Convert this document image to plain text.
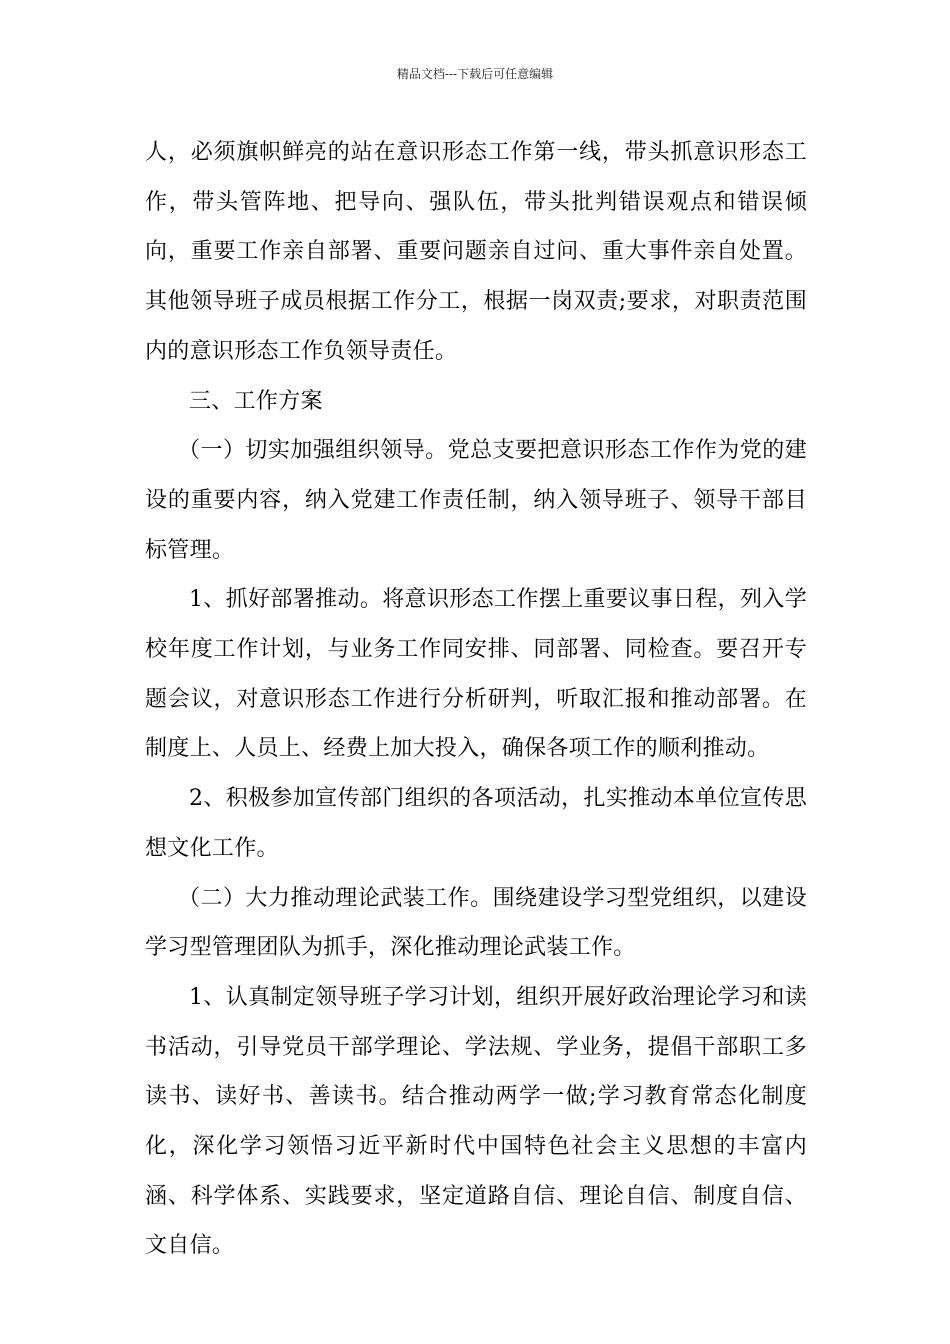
精品文档---下载后可任意编辑

人，必须旗帜鲜亮的站在意识形态工作第一线，带头抓意识形态工作，带头管阵地、把导向、强队伍，带头批判错误观点和错误倾向，重要工作亲自部署、重要问题亲自过问、重大事件亲自处置。其他领导班子成员根据工作分工，根据一岗双责;要求，对职责范围内的意识形态工作负领导责任。

三、工作方案

（一）切实加强组织领导。党总支要把意识形态工作作为党的建设的重要内容，纳入党建工作责任制，纳入领导班子、领导干部目标管理。

1、抓好部署推动。将意识形态工作摆上重要议事日程，列入学校年度工作计划，与业务工作同安排、同部署、同检查。要召开专题会议，对意识形态工作进行分析研判，听取汇报和推动部署。在制度上、人员上、经费上加大投入，确保各项工作的顺利推动。

2、积极参加宣传部门组织的各项活动，扎实推动本单位宣传思想文化工作。

（二）大力推动理论武装工作。围绕建设学习型党组织，以建设学习型管理团队为抓手，深化推动理论武装工作。

1、认真制定领导班子学习计划，组织开展好政治理论学习和读书活动，引导党员干部学理论、学法规、学业务，提倡干部职工多读书、读好书、善读书。结合推动两学一做;学习教育常态化制度化，深化学习领悟习近平新时代中国特色社会主义思想的丰富内涵、科学体系、实践要求，坚定道路自信、理论自信、制度自信、文自信。
